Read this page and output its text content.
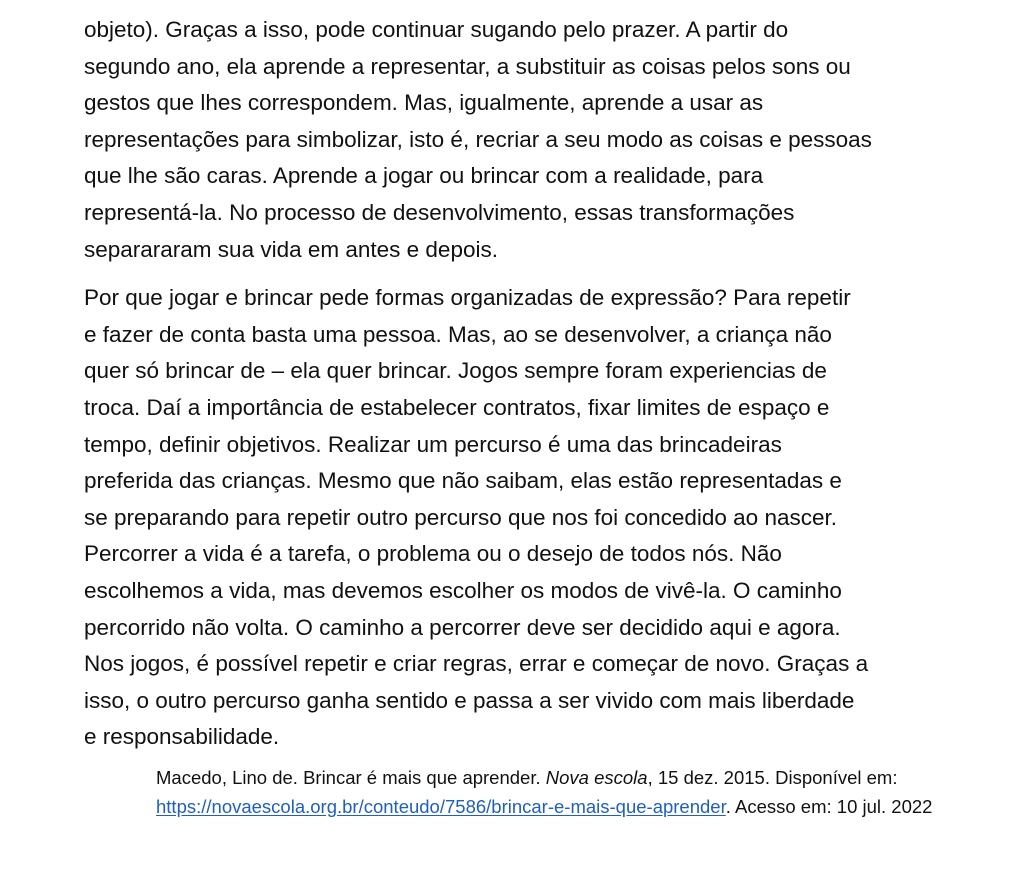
objeto). Graças a isso, pode continuar sugando pelo prazer. A partir do
segundo ano, ela aprende a representar, a substituir as coisas pelos sons ou
gestos que lhes correspondem. Mas, igualmente, aprende a usar as
representações para simbolizar, isto é, recriar a seu modo as coisas e pessoas
que lhe são caras. Aprende a jogar ou brincar com a realidade, para
representá-la. No processo de desenvolvimento, essas transformações
separararam sua vida em antes e depois.

Por que jogar e brincar pede formas organizadas de expressão? Para repetir
e fazer de conta basta uma pessoa. Mas, ao se desenvolver, a criança não
quer só brincar de – ela quer brincar. Jogos sempre foram experiencias de
troca. Daí a importância de estabelecer contratos, fixar limites de espaço e
tempo, definir objetivos. Realizar um percurso é uma das brincadeiras
preferida das crianças. Mesmo que não saibam, elas estão representadas e
se preparando para repetir outro percurso que nos foi concedido ao nascer.
Percorrer a vida é a tarefa, o problema ou o desejo de todos nós. Não
escolhemos a vida, mas devemos escolher os modos de vivê-la. O caminho
percorrido não volta. O caminho a percorrer deve ser decidido aqui e agora.
Nos jogos, é possível repetir e criar regras, errar e começar de novo. Graças a
isso, o outro percurso ganha sentido e passa a ser vivido com mais liberdade
e responsabilidade.

Macedo, Lino de. Brincar é mais que aprender. Nova escola, 15 dez. 2015. Disponível em: https://novaescola.org.br/conteudo/7586/brincar-e-mais-que-aprender. Acesso em: 10 jul. 2022
